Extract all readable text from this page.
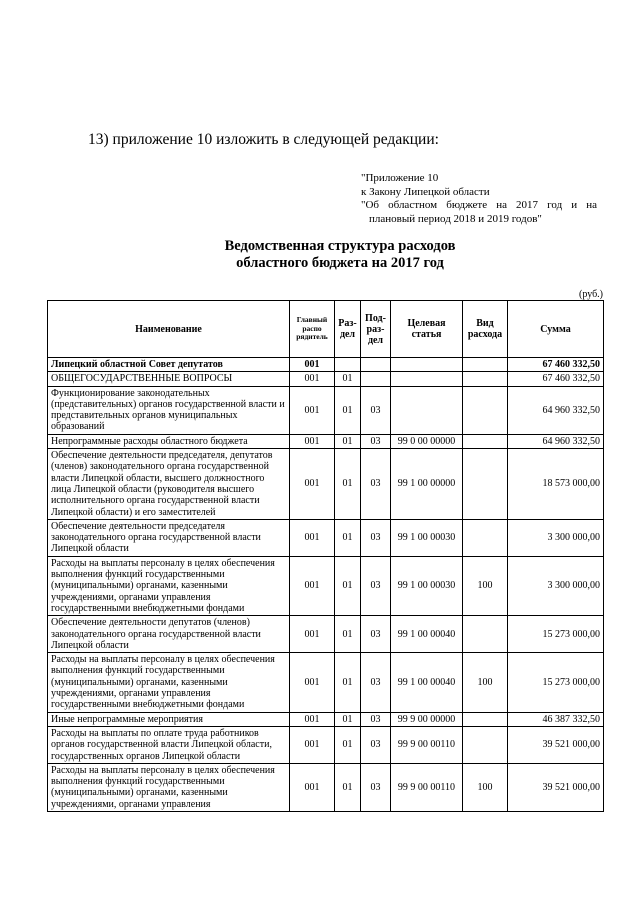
13) приложение 10 изложить в следующей редакции:

"Приложение 10
к Закону Липецкой области
"Об областном бюджете на 2017 год и на
плановый период 2018 и 2019 годов"
Ведомственная структура расходов
областного бюджета на 2017 год
(руб.)
Наименование	Главный распо рядитель	Раз- дел	Под- раз- дел	Целевая статья	Вид расхода	Сумма
Липецкий областной Совет депутатов	001					67 460 332,50
ОБЩЕГОСУДАРСТВЕННЫЕ ВОПРОСЫ	001	01				67 460 332,50
Функционирование законодательных (представительных) органов государственной власти и представительных органов муниципальных образований	001	01	03			64 960 332,50
Непрограммные расходы областного бюджета	001	01	03	99 0 00 00000		64 960 332,50
Обеспечение деятельности председателя, депутатов (членов) законодательного органа государственной власти Липецкой области, высшего должностного лица Липецкой области (руководителя высшего исполнительного органа государственной власти Липецкой области) и его заместителей	001	01	03	99 1 00 00000		18 573 000,00
Обеспечение деятельности председателя законодательного органа государственной власти Липецкой области	001	01	03	99 1 00 00030		3 300 000,00
Расходы на выплаты персоналу в целях обеспечения выполнения функций государственными (муниципальными) органами, казенными учреждениями, органами управления государственными внебюджетными фондами	001	01	03	99 1 00 00030	100	3 300 000,00
Обеспечение деятельности депутатов (членов) законодательного органа государственной власти Липецкой области	001	01	03	99 1 00 00040		15 273 000,00
Расходы на выплаты персоналу в целях обеспечения выполнения функций государственными (муниципальными) органами, казенными учреждениями, органами управления государственными внебюджетными фондами	001	01	03	99 1 00 00040	100	15 273 000,00
Иные непрограммные мероприятия	001	01	03	99 9 00 00000		46 387 332,50
Расходы на выплаты по оплате труда работников органов государственной власти Липецкой области, государственных органов Липецкой области	001	01	03	99 9 00 00110		39 521 000,00
Расходы на выплаты персоналу в целях обеспечения выполнения функций государственными (муниципальными) органами, казенными учреждениями, органами управления	001	01	03	99 9 00 00110	100	39 521 000,00
